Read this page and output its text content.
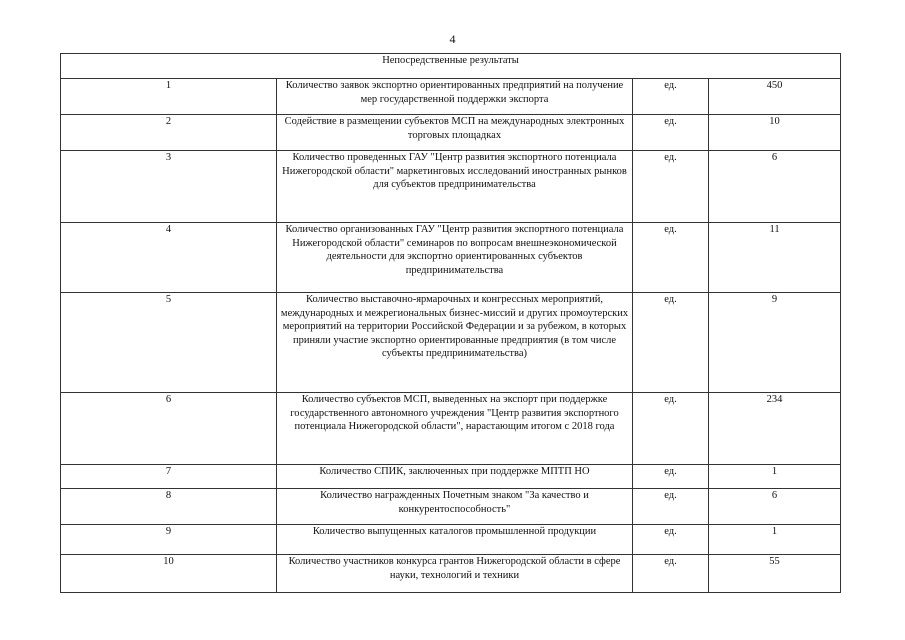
4
Непосредственные результаты			
1	Количество заявок экспортно ориентированных предприятий на получение мер государственной поддержки экспорта	ед.	450
2	Содействие в размещении субъектов МСП на международных электронных торговых площадках	ед.	10
3	Количество проведенных ГАУ "Центр развития экспортного потенциала Нижегородской области" маркетинговых исследований иностранных рынков для субъектов предпринимательства	ед.	6
4	Количество организованных ГАУ "Центр развития экспортного потенциала Нижегородской области" семинаров по вопросам внешнеэкономической деятельности для экспортно ориентированных субъектов предпринимательства	ед.	11
5	Количество выставочно-ярмарочных и конгрессных мероприятий, международных и межрегиональных бизнес-миссий и других промоутерских мероприятий на территории Российской Федерации и за рубежом, в которых приняли участие экспортно ориентированные предприятия (в том числе субъекты предпринимательства)	ед.	9
6	Количество субъектов МСП, выведенных на экспорт при поддержке государственного автономного учреждения "Центр развития экспортного потенциала Нижегородской области", нарастающим итогом с 2018 года	ед.	234
7	Количество СПИК, заключенных при поддержке МПТП НО	ед.	1
8	Количество награжденных Почетным знаком "За качество и конкурентоспособность"	ед.	6
9	Количество выпущенных каталогов промышленной продукции	ед.	1
10	Количество участников конкурса грантов Нижегородской области в сфере науки, технологий и техники	ед.	55
